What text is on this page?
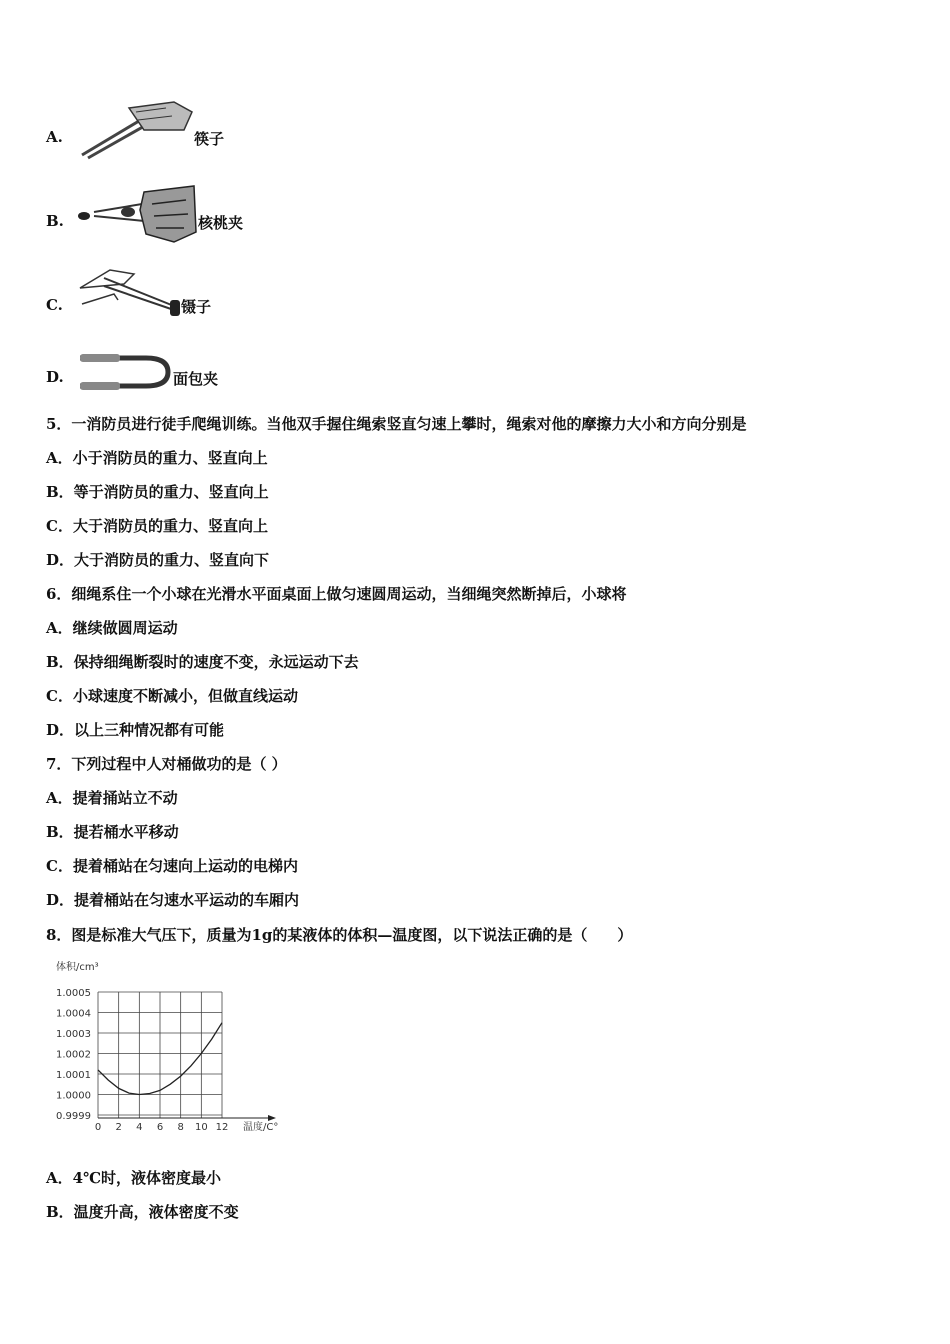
A.	筷子
B.	核桃夹
C.	镊子
D.	面包夹
5．一消防员进行徒手爬绳训练。当他双手握住绳索竖直匀速上攀时，绳索对他的摩擦力大小和方向分别是
A．小于消防员的重力、竖直向上
B．等于消防员的重力、竖直向上
C．大于消防员的重力、竖直向上
D．大于消防员的重力、竖直向下
6．细绳系住一个小球在光滑水平面桌面上做匀速圆周运动，当细绳突然断掉后，小球将
A．继续做圆周运动
B．保持细绳断裂时的速度不变，永远运动下去
C．小球速度不断减小，但做直线运动
D．以上三种情况都有可能
7．下列过程中人对桶做功的是（ ）
A．提着捅站立不动
B．提若桶水平移动
C．提着桶站在匀速向上运动的电梯内
D．提着桶站在匀速水平运动的车厢内
8．图是标准大气压下，质量为1g的某液体的体积—温度图，以下说法正确的是（　　）
体积/cm³
1.0005
1.0004
1.0003
1.0002
1.0001
1.0000
0.9999
0 2 4 6 8 10 12 温度/C°
A．4℃时，液体密度最小
B．温度升高，液体密度不变
